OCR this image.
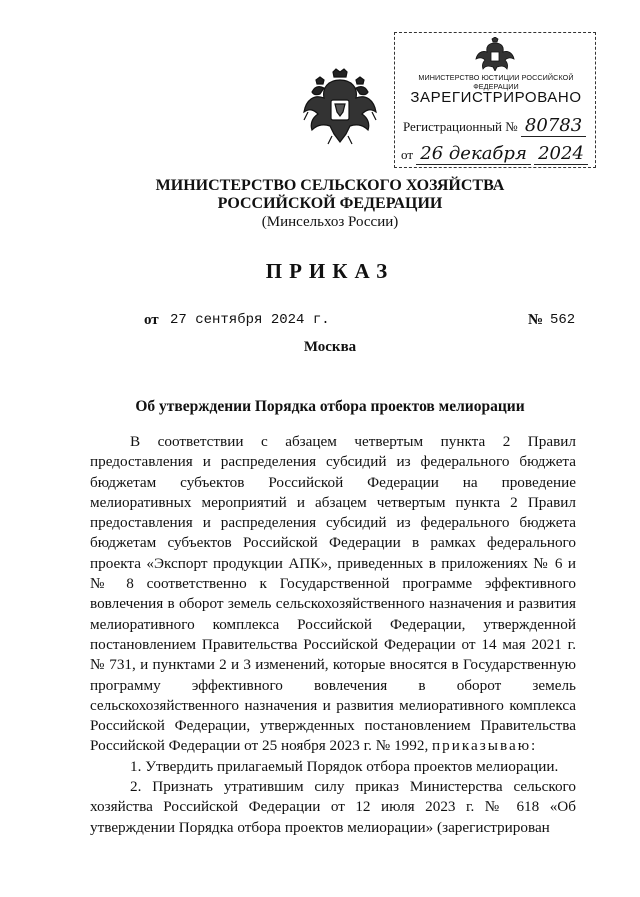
МИНИСТЕРСТВО ЮСТИЦИИ РОССИЙСКОЙ ФЕДЕРАЦИИ
ЗАРЕГИСТРИРОВАНО
Регистрационный № 80783
от 26 декабря 2024
МИНИСТЕРСТВО СЕЛЬСКОГО ХОЗЯЙСТВА
РОССИЙСКОЙ ФЕДЕРАЦИИ
(Минсельхоз России)
ПРИКАЗ
от 27 сентября 2024 г.	№ 562
Москва
Об утверждении Порядка отбора проектов мелиорации

В соответствии с абзацем четвертым пункта 2 Правил предоставления и распределения субсидий из федерального бюджета бюджетам субъектов Российской Федерации на проведение мелиоративных мероприятий и абзацем четвертым пункта 2 Правил предоставления и распределения субсидий из федерального бюджета бюджетам субъектов Российской Федерации в рамках федерального проекта «Экспорт продукции АПК», приведенных в приложениях № 6 и № 8 соответственно к Государственной программе эффективного вовлечения в оборот земель сельскохозяйственного назначения и развития мелиоративного комплекса Российской Федерации, утвержденной постановлением Правительства Российской Федерации от 14 мая 2021 г. № 731, и пунктами 2 и 3 изменений, которые вносятся в Государственную программу эффективного вовлечения в оборот земель сельскохозяйственного назначения и развития мелиоративного комплекса Российской Федерации, утвержденных постановлением Правительства Российской Федерации от 25 ноября 2023 г. № 1992, приказываю:

1. Утвердить прилагаемый Порядок отбора проектов мелиорации.

2. Признать утратившим силу приказ Министерства сельского хозяйства Российской Федерации от 12 июля 2023 г. № 618 «Об утверждении Порядка отбора проектов мелиорации» (зарегистрирован
